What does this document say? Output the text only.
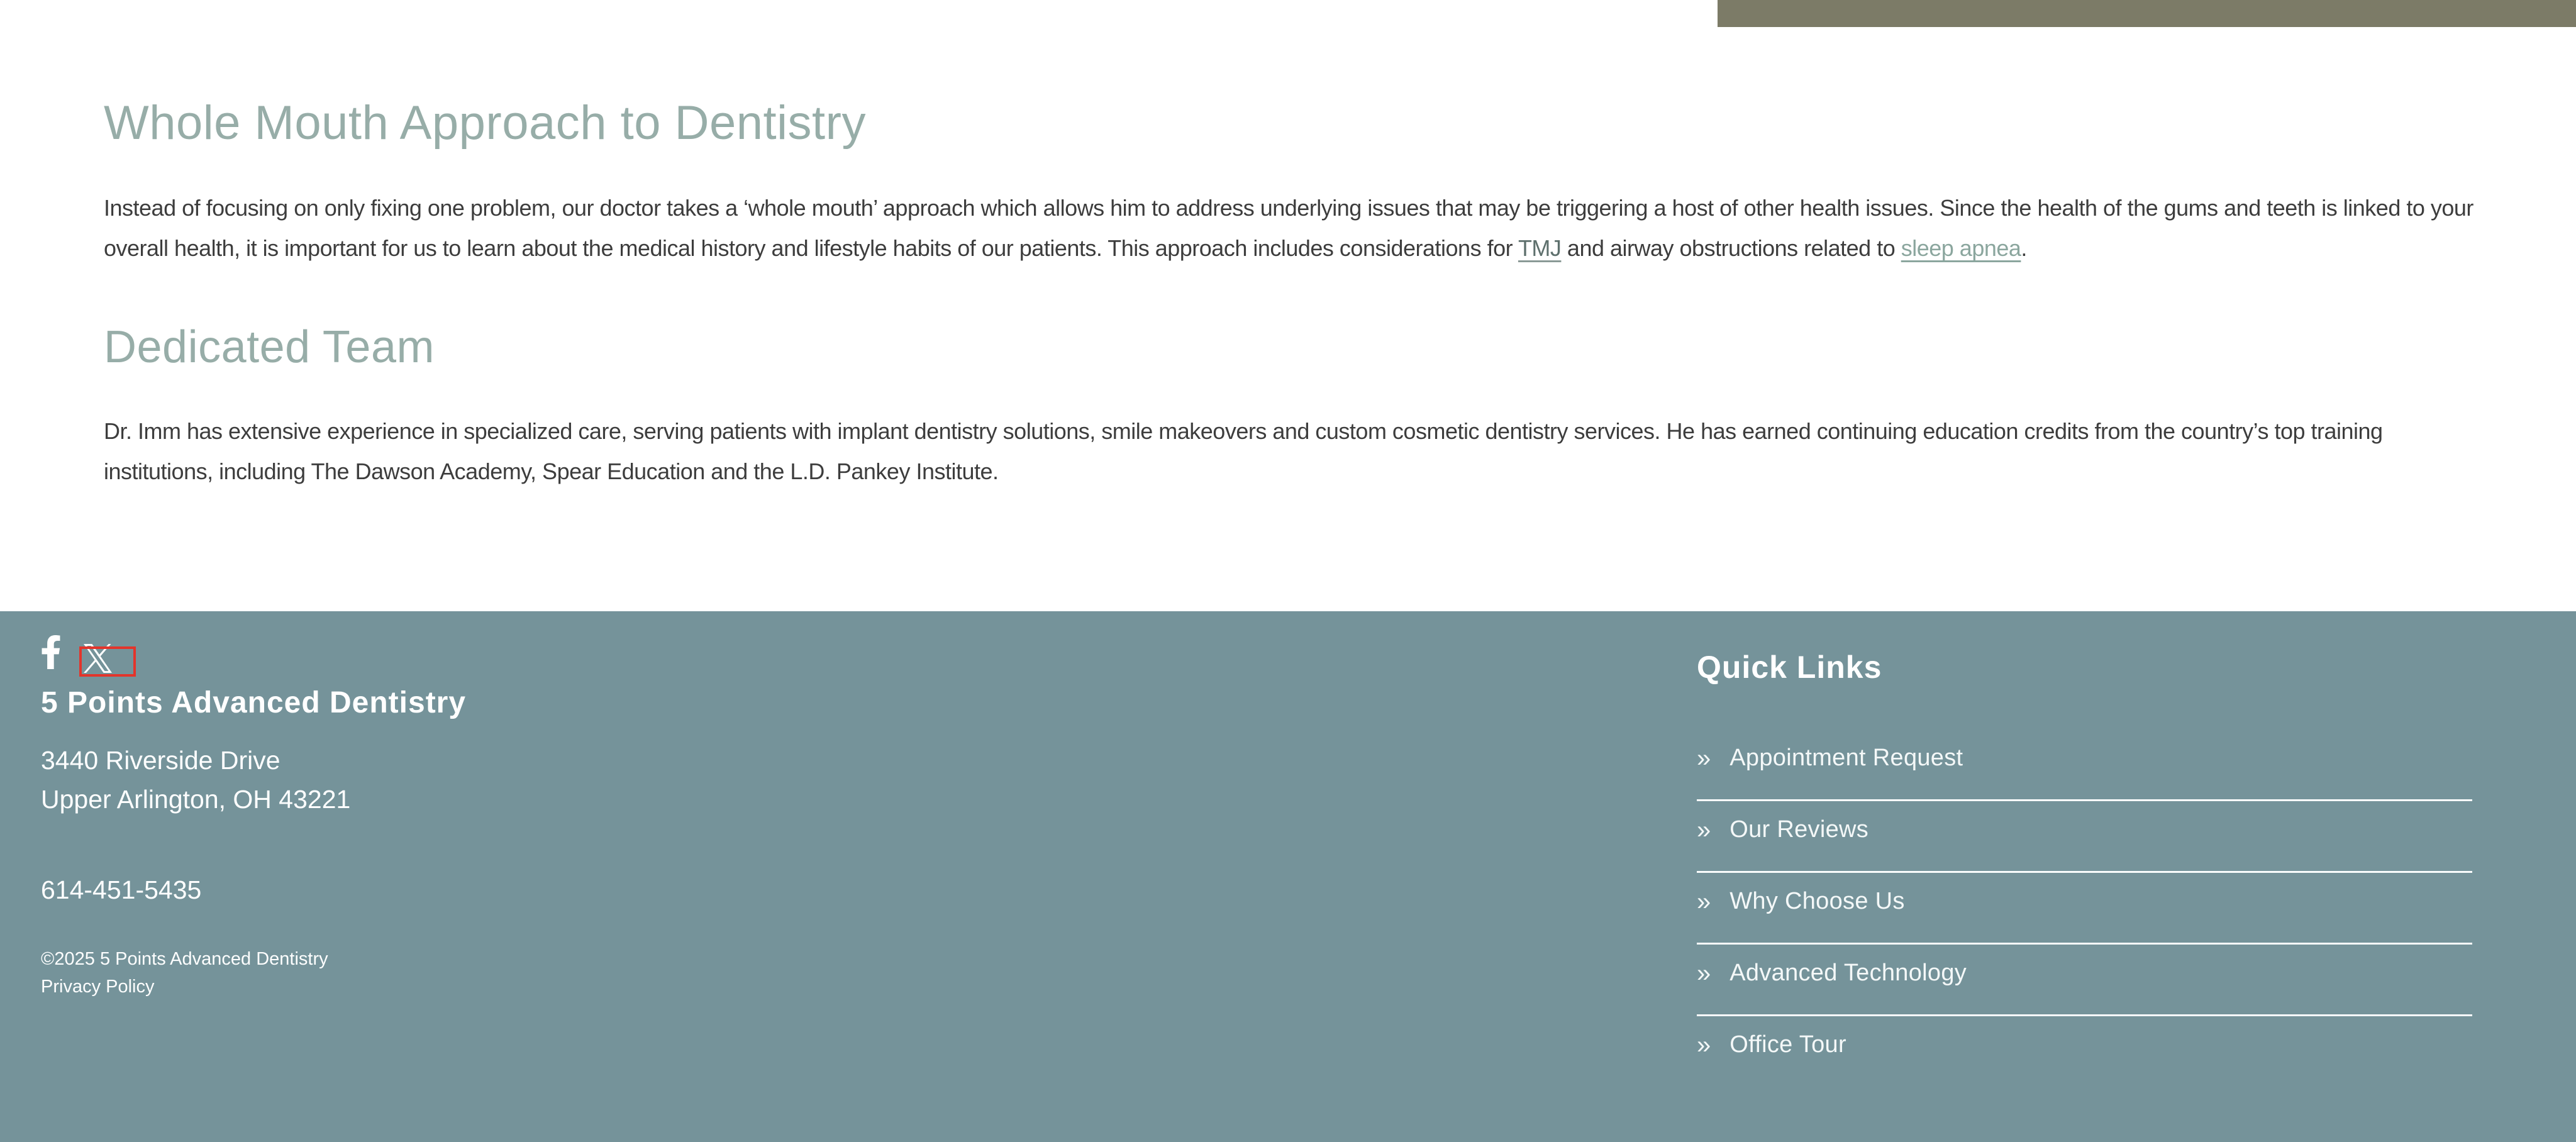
Whole Mouth Approach to Dentistry

Instead of focusing on only fixing one problem, our doctor takes a ‘whole mouth’ approach which allows him to address underlying issues that may be triggering a host of other health issues. Since the health of the gums and teeth is linked to your overall health, it is important for us to learn about the medical history and lifestyle habits of our patients. This approach includes considerations for TMJ and airway obstructions related to sleep apnea.

Dedicated Team

Dr. Imm has extensive experience in specialized care, serving patients with implant dentistry solutions, smile makeovers and custom cosmetic dentistry services. He has earned continuing education credits from the country’s top training institutions, including The Dawson Academy, Spear Education and the L.D. Pankey Institute.

5 Points Advanced Dentistry
3440 Riverside Drive
Upper Arlington, OH 43221
614-451-5435
©2025 5 Points Advanced Dentistry
Privacy Policy
Quick Links
» Appointment Request
» Our Reviews
» Why Choose Us
» Advanced Technology
» Office Tour
